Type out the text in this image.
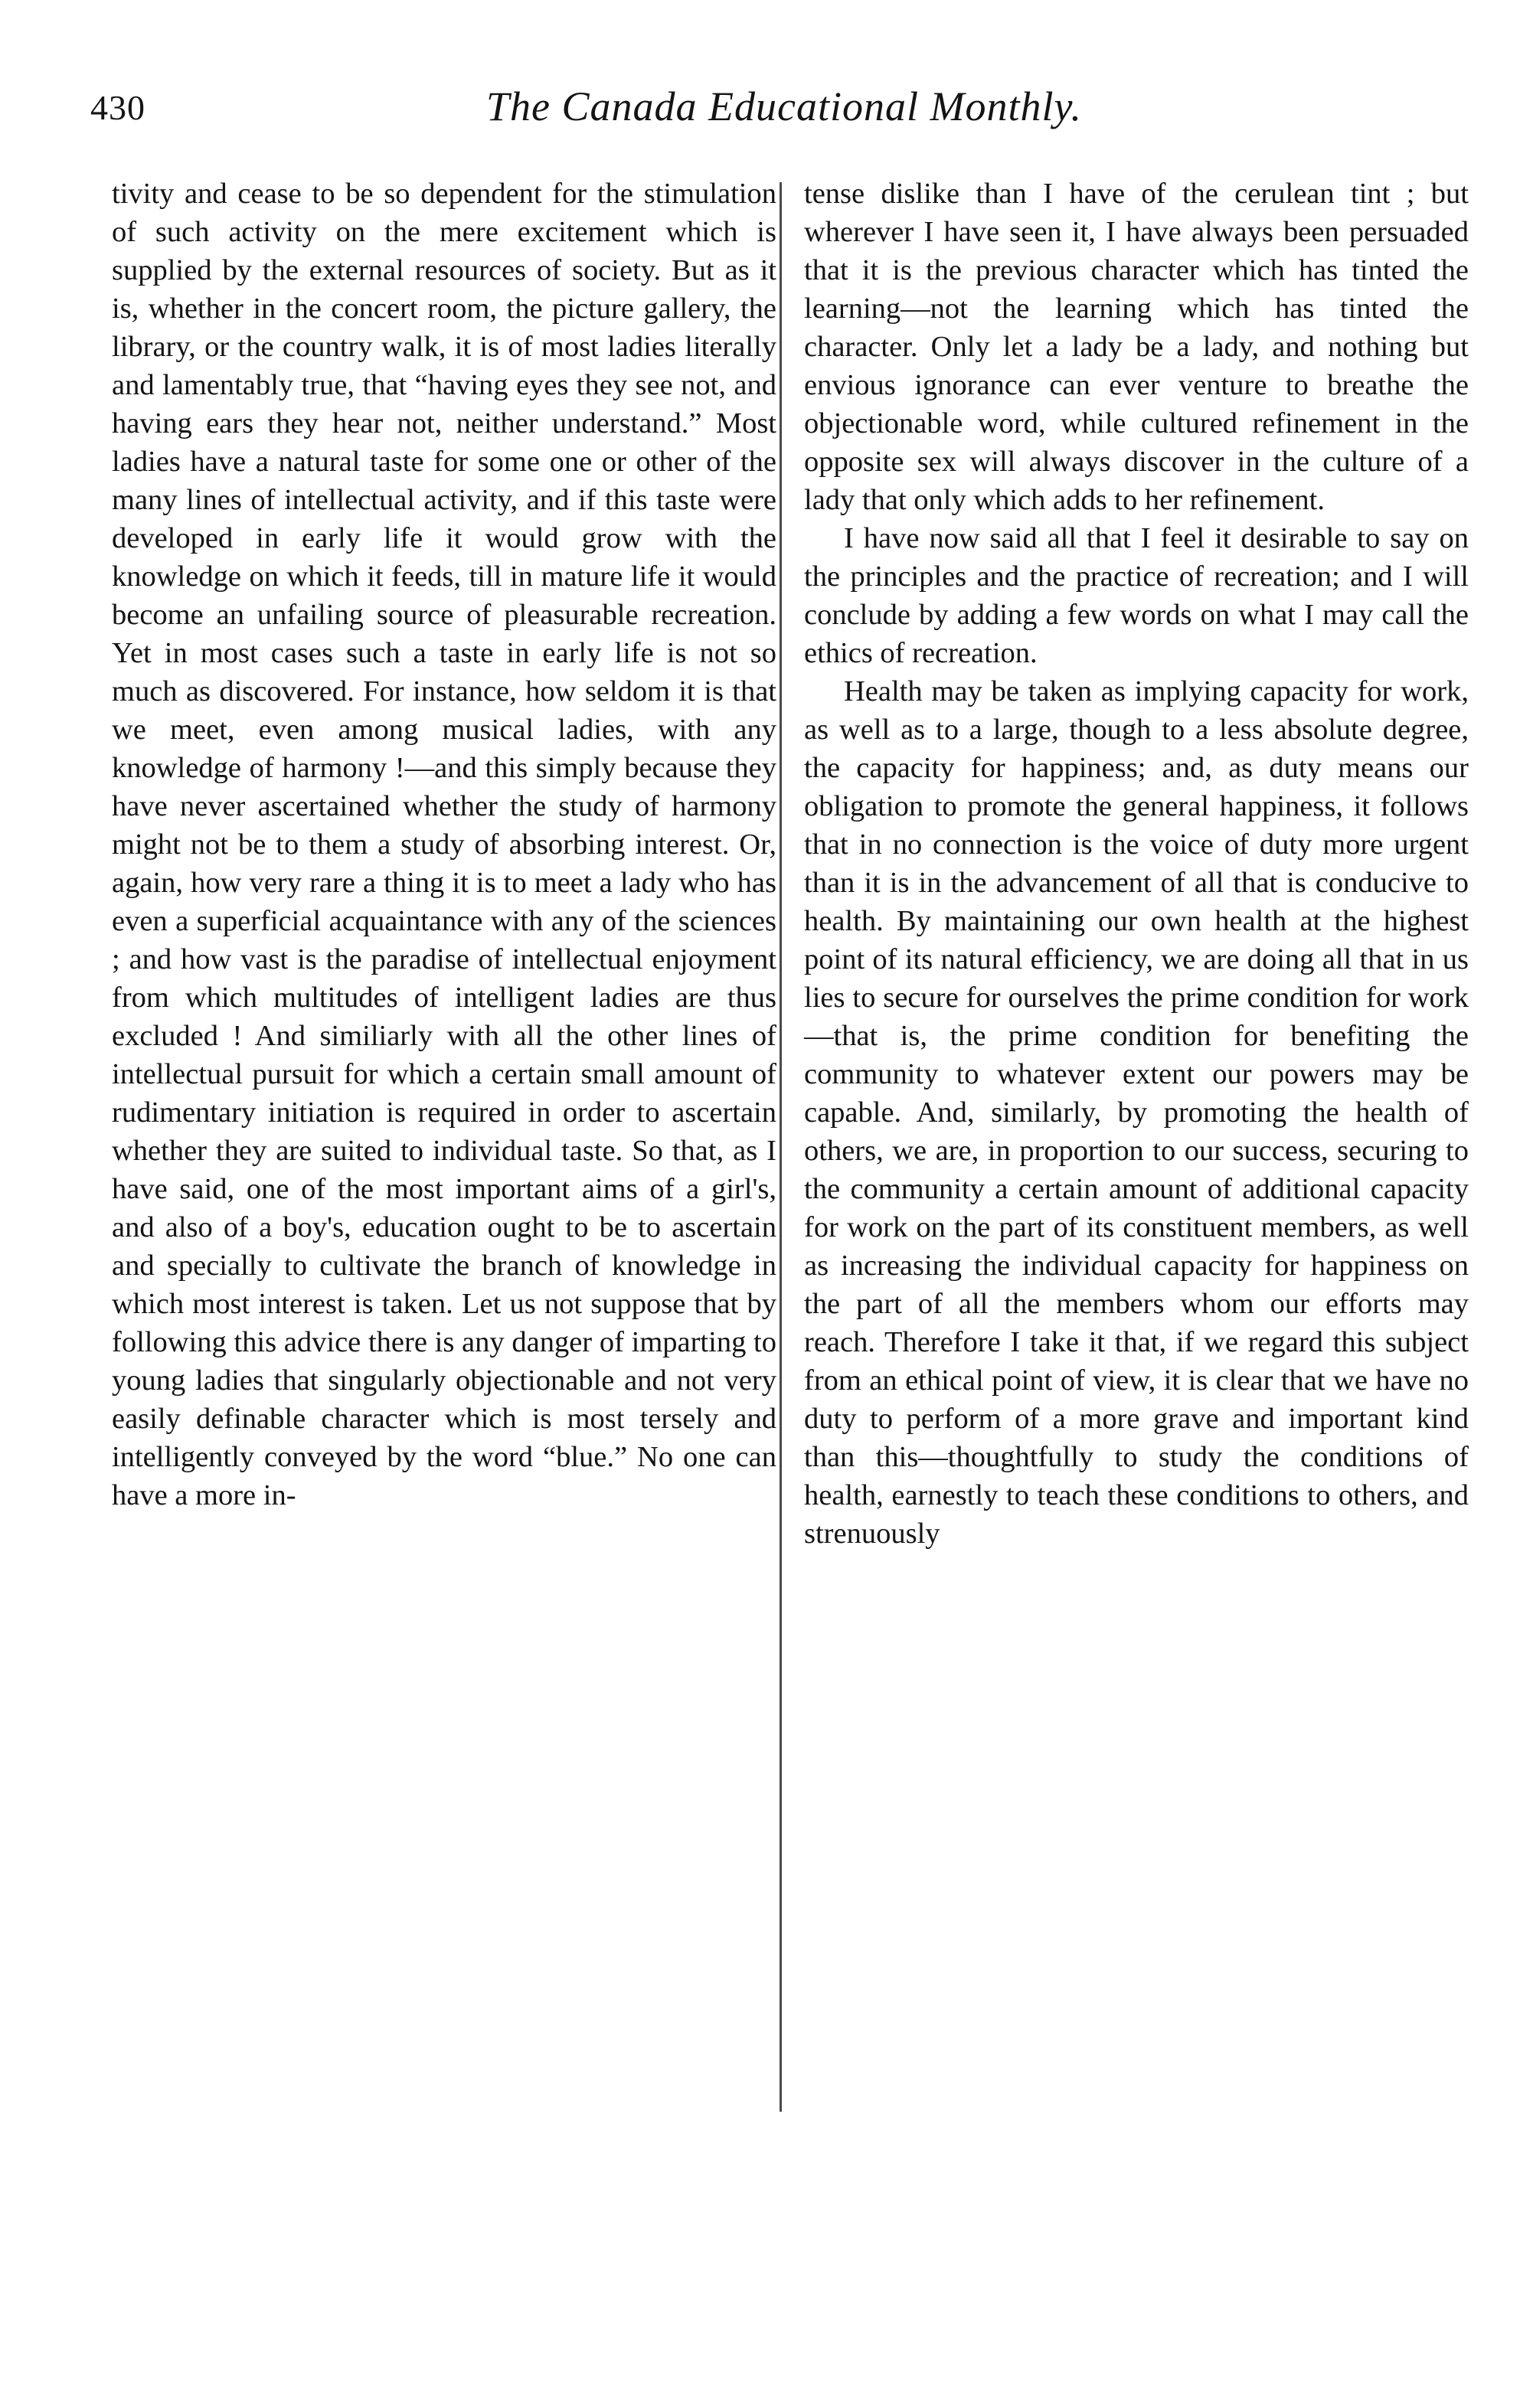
430	The Canada Educational Monthly.

tivity and cease to be so dependent for the stimulation of such activity on the mere excitement which is supplied by the external resources of society. But as it is, whether in the concert room, the picture gallery, the library, or the country walk, it is of most ladies literally and lamentably true, that “having eyes they see not, and having ears they hear not, neither understand.” Most ladies have a natural taste for some one or other of the many lines of intellectual activity, and if this taste were developed in early life it would grow with the knowledge on which it feeds, till in mature life it would become an unfailing source of pleasurable recreation. Yet in most cases such a taste in early life is not so much as discovered. For instance, how seldom it is that we meet, even among musical ladies, with any knowledge of harmony !—and this simply because they have never ascertained whether the study of harmony might not be to them a study of absorbing interest. Or, again, how very rare a thing it is to meet a lady who has even a superficial acquaintance with any of the sciences ; and how vast is the paradise of intellectual enjoyment from which multitudes of intelligent ladies are thus excluded ! And similiarly with all the other lines of intellectual pursuit for which a certain small amount of rudimentary initiation is required in order to ascertain whether they are suited to individual taste. So that, as I have said, one of the most important aims of a girl's, and also of a boy's, education ought to be to ascertain and specially to cultivate the branch of knowledge in which most interest is taken. Let us not suppose that by following this advice there is any danger of imparting to young ladies that singularly objectionable and not very easily definable character which is most tersely and intelligently conveyed by the word “blue.” No one can have a more in-

tense dislike than I have of the cerulean tint ; but wherever I have seen it, I have always been persuaded that it is the previous character which has tinted the learning—not the learning which has tinted the character. Only let a lady be a lady, and nothing but envious ignorance can ever venture to breathe the objectionable word, while cultured refinement in the opposite sex will always discover in the culture of a lady that only which adds to her refinement.

I have now said all that I feel it desirable to say on the principles and the practice of recreation; and I will conclude by adding a few words on what I may call the ethics of recreation.

Health may be taken as implying capacity for work, as well as to a large, though to a less absolute degree, the capacity for happiness; and, as duty means our obligation to promote the general happiness, it follows that in no connection is the voice of duty more urgent than it is in the advancement of all that is conducive to health. By maintaining our own health at the highest point of its natural efficiency, we are doing all that in us lies to secure for ourselves the prime condition for work—that is, the prime condition for benefiting the community to whatever extent our powers may be capable. And, similarly, by promoting the health of others, we are, in proportion to our success, securing to the community a certain amount of additional capacity for work on the part of its constituent members, as well as increasing the individual capacity for happiness on the part of all the members whom our efforts may reach. Therefore I take it that, if we regard this subject from an ethical point of view, it is clear that we have no duty to perform of a more grave and important kind than this—thoughtfully to study the conditions of health, earnestly to teach these conditions to others, and strenuously
